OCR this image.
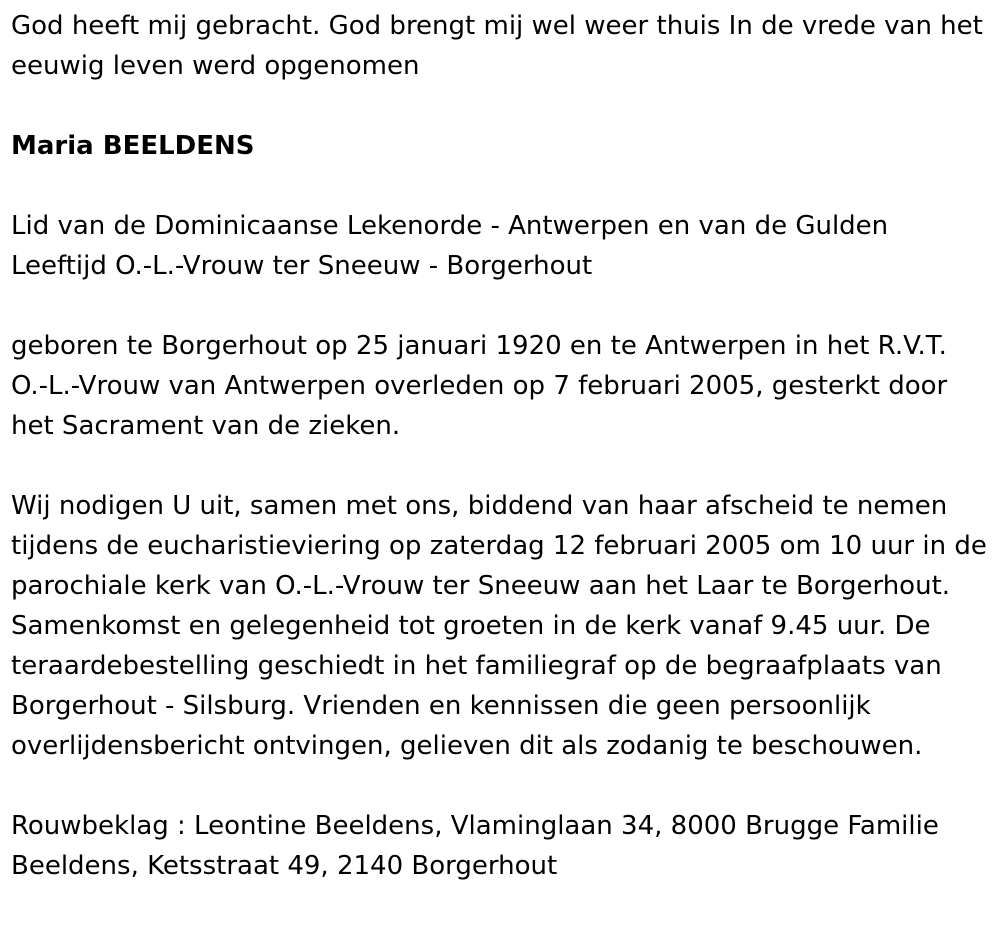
God heeft mij gebracht. God brengt mij wel weer thuis In de vrede van het eeuwig leven werd opgenomen

Maria BEELDENS

Lid van de Dominicaanse Lekenorde - Antwerpen en van de Gulden Leeftijd O.-L.-Vrouw ter Sneeuw - Borgerhout

geboren te Borgerhout op 25 januari 1920 en te Antwerpen in het R.V.T. O.-L.-Vrouw van Antwerpen overleden op 7 februari 2005, gesterkt door het Sacrament van de zieken.

Wij nodigen U uit, samen met ons, biddend van haar afscheid te nemen tijdens de eucharistieviering op zaterdag 12 februari 2005 om 10 uur in de parochiale kerk van O.-L.-Vrouw ter Sneeuw aan het Laar te Borgerhout. Samenkomst en gelegenheid tot groeten in de kerk vanaf 9.45 uur. De teraardebestelling geschiedt in het familiegraf op de begraafplaats van Borgerhout - Silsburg. Vrienden en kennissen die geen persoonlijk overlijdensbericht ontvingen, gelieven dit als zodanig te beschouwen.

Rouwbeklag : Leontine Beeldens, Vlaminglaan 34, 8000 Brugge Familie Beeldens, Ketsstraat 49, 2140 Borgerhout
